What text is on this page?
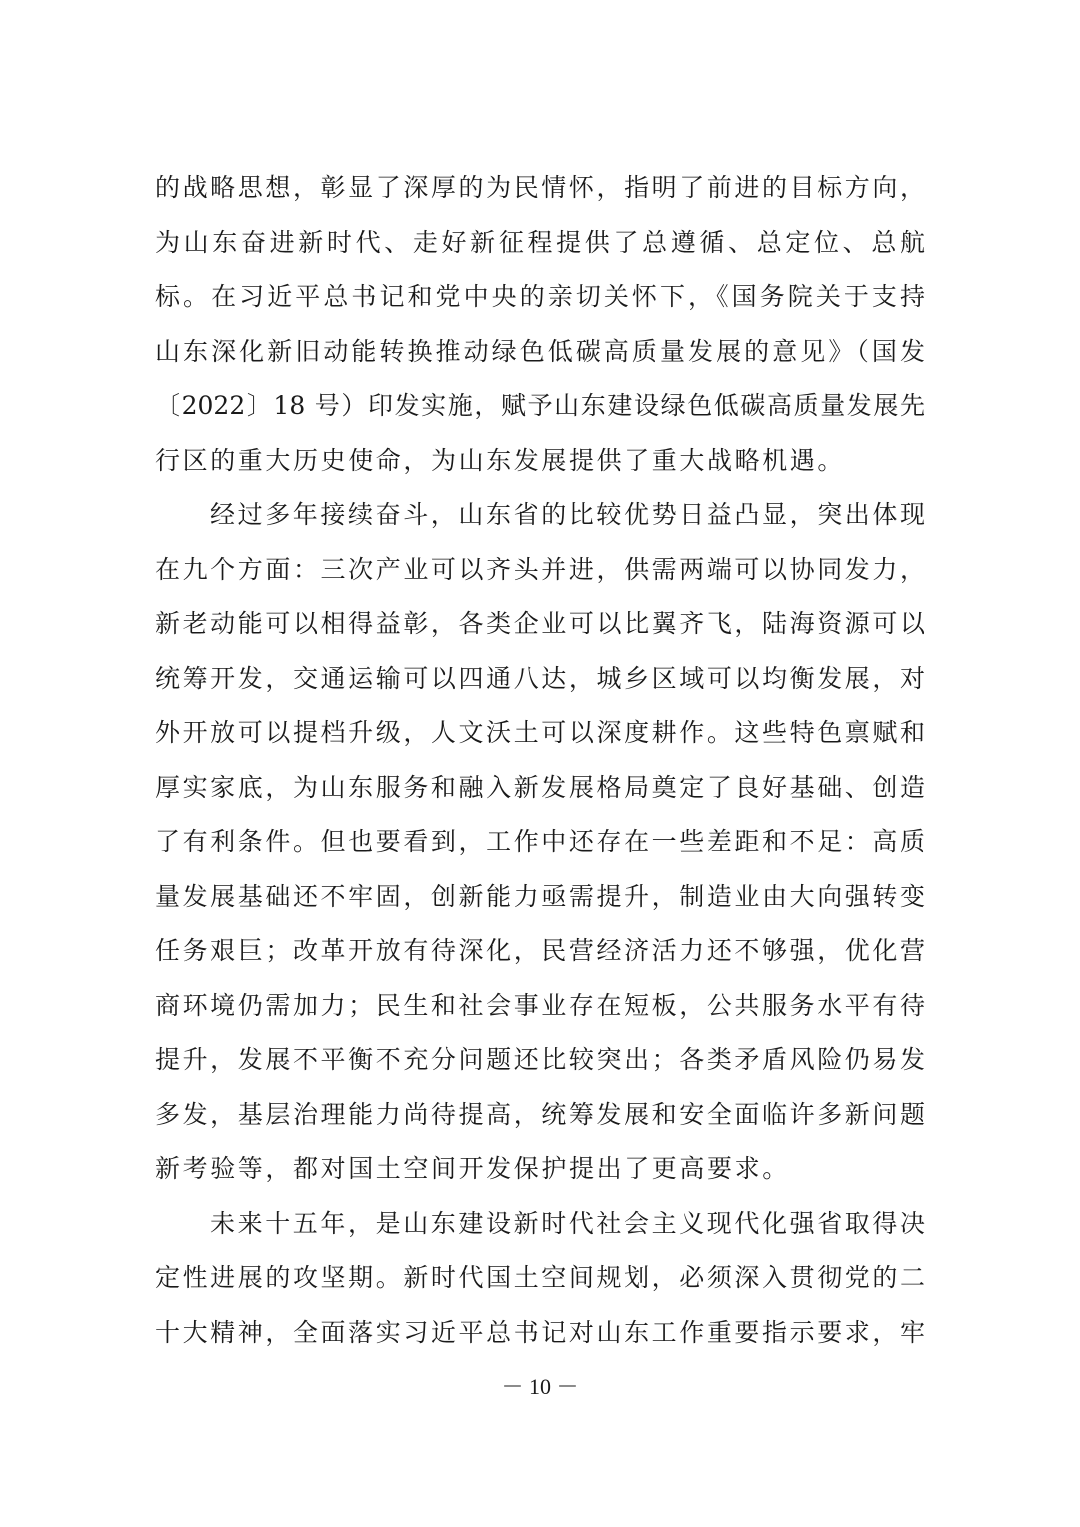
的战略思想，彰显了深厚的为民情怀，指明了前进的目标方向，
为山东奋进新时代、走好新征程提供了总遵循、总定位、总航
标。在习近平总书记和党中央的亲切关怀下，《国务院关于支持
山东深化新旧动能转换推动绿色低碳高质量发展的意见》（国发
〔2022〕18 号）印发实施，赋予山东建设绿色低碳高质量发展先
行区的重大历史使命，为山东发展提供了重大战略机遇。
经过多年接续奋斗，山东省的比较优势日益凸显，突出体现
在九个方面：三次产业可以齐头并进，供需两端可以协同发力，
新老动能可以相得益彰，各类企业可以比翼齐飞，陆海资源可以
统筹开发，交通运输可以四通八达，城乡区域可以均衡发展，对
外开放可以提档升级，人文沃土可以深度耕作。这些特色禀赋和
厚实家底，为山东服务和融入新发展格局奠定了良好基础、创造
了有利条件。但也要看到，工作中还存在一些差距和不足：高质
量发展基础还不牢固，创新能力亟需提升，制造业由大向强转变
任务艰巨；改革开放有待深化，民营经济活力还不够强，优化营
商环境仍需加力；民生和社会事业存在短板，公共服务水平有待
提升，发展不平衡不充分问题还比较突出；各类矛盾风险仍易发
多发，基层治理能力尚待提高，统筹发展和安全面临许多新问题
新考验等，都对国土空间开发保护提出了更高要求。
未来十五年，是山东建设新时代社会主义现代化强省取得决
定性进展的攻坚期。新时代国土空间规划，必须深入贯彻党的二
十大精神，全面落实习近平总书记对山东工作重要指示要求，牢
－ 10 －
